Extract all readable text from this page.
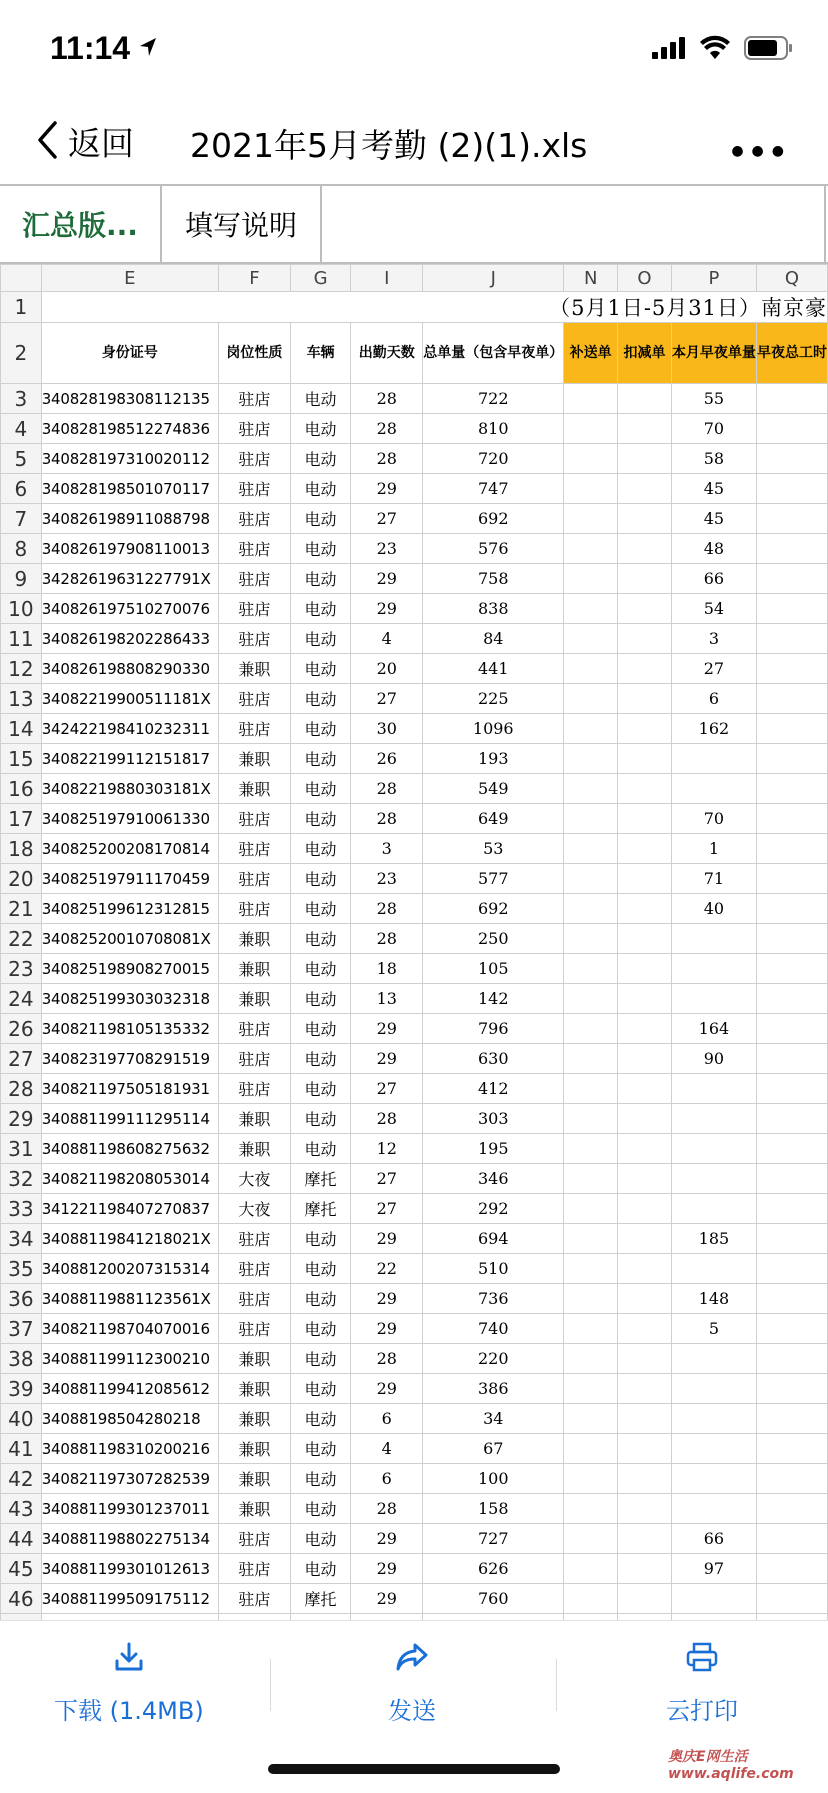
11:14
返回 2021年5月考勤 (2)(1).xls	●●●
汇总版...	填写说明
	E	F	G	I	J	N	O	P	Q
1	（5月1日-5月31日）南京豪								
2	身份证号	岗位性质	车辆	出勤天数	总单量（包含早夜单）	补送单	扣减单	本月早夜单量	早夜总工时
3	340828198308112135	驻店	电动	28	722			55	
4	340828198512274836	驻店	电动	28	810			70	
5	340828197310020112	驻店	电动	28	720			58	
6	340828198501070117	驻店	电动	29	747			45	
7	340826198911088798	驻店	电动	27	692			45	
8	340826197908110013	驻店	电动	23	576			48	
9	34282619631227791X	驻店	电动	29	758			66	
10	340826197510270076	驻店	电动	29	838			54	
11	340826198202286433	驻店	电动	4	84			3	
12	340826198808290330	兼职	电动	20	441			27	
13	34082219900511181X	驻店	电动	27	225			6	
14	342422198410232311	驻店	电动	30	1096			162	
15	340822199112151817	兼职	电动	26	193				
16	34082219880303181X	兼职	电动	28	549				
17	340825197910061330	驻店	电动	28	649			70	
18	340825200208170814	驻店	电动	3	53			1	
20	340825197911170459	驻店	电动	23	577			71	
21	340825199612312815	驻店	电动	28	692			40	
22	34082520010708081X	兼职	电动	28	250				
23	340825198908270015	兼职	电动	18	105				
24	340825199303032318	兼职	电动	13	142				
26	340821198105135332	驻店	电动	29	796			164	
27	340823197708291519	驻店	电动	29	630			90	
28	340821197505181931	驻店	电动	27	412				
29	340881199111295114	兼职	电动	28	303				
31	340881198608275632	兼职	电动	12	195				
32	340821198208053014	大夜	摩托	27	346				
33	341221198407270837	大夜	摩托	27	292				
34	34088119841218021X	驻店	电动	29	694			185	
35	340881200207315314	驻店	电动	22	510				
36	34088119881123561X	驻店	电动	29	736			148	
37	340821198704070016	驻店	电动	29	740			5	
38	340881199112300210	兼职	电动	28	220				
39	340881199412085612	兼职	电动	29	386				
40	34088198504280218	兼职	电动	6	34				
41	340881198310200216	兼职	电动	4	67				
42	340821197307282539	兼职	电动	6	100				
43	340881199301237011	兼职	电动	28	158				
44	340881198802275134	驻店	电动	29	727			66	
45	340881199301012613	驻店	电动	29	626			97	
46	340881199509175112	驻店	摩托	29	760				

下载 (1.4MB)	发送	云打印
奥庆E网生活 www.aqlife.com
